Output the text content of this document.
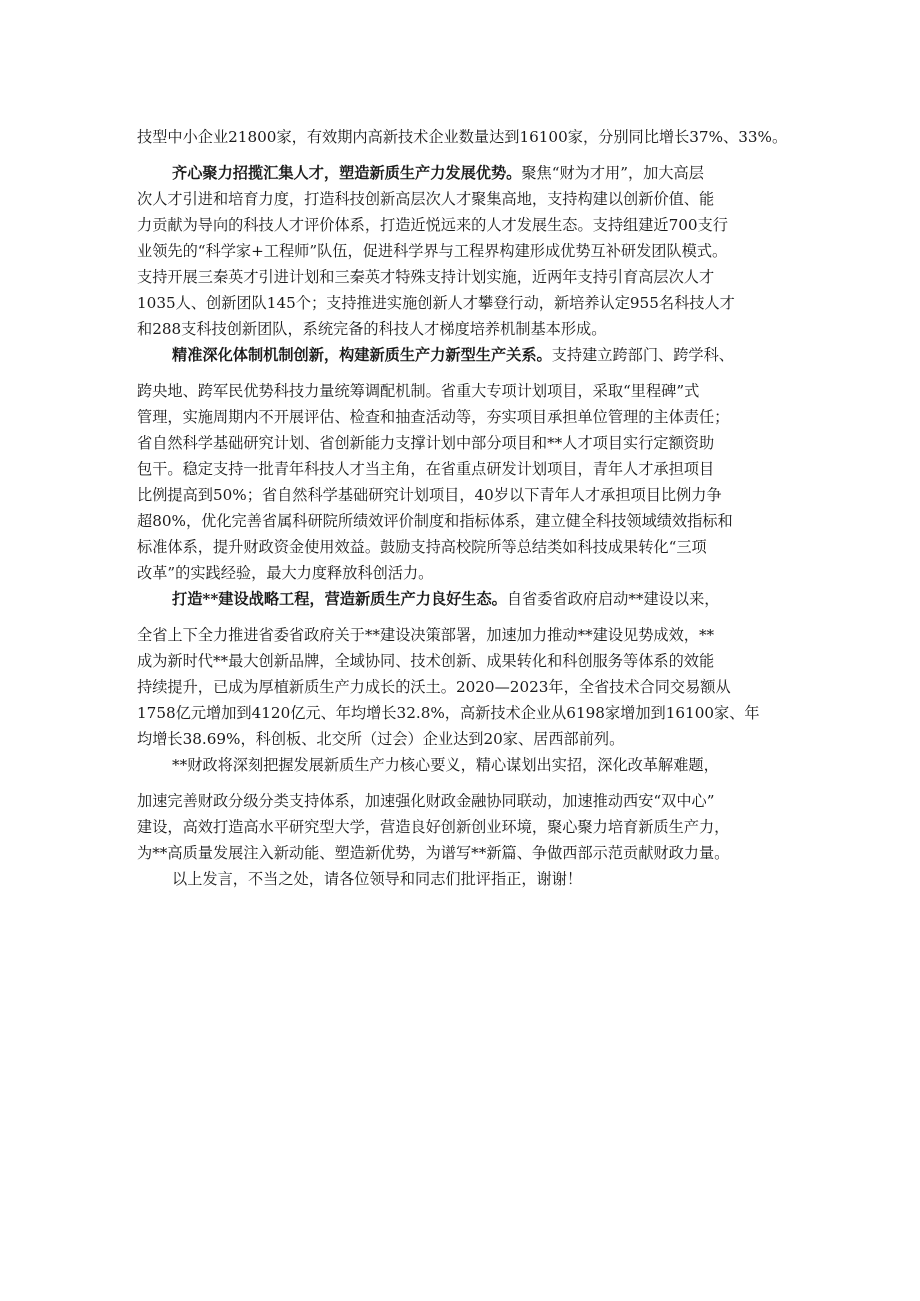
技型中小企业21800家，有效期内高新技术企业数量达到16100家，分别同比增长37%、33%。
齐心聚力招揽汇集人才，塑造新质生产力发展优势。聚焦“财为才用”，加大高层
次人才引进和培育力度，打造科技创新高层次人才聚集高地，支持构建以创新价值、能
力贡献为导向的科技人才评价体系，打造近悦远来的人才发展生态。支持组建近700支行
业领先的“科学家+工程师”队伍，促进科学界与工程界构建形成优势互补研发团队模式。
支持开展三秦英才引进计划和三秦英才特殊支持计划实施，近两年支持引育高层次人才
1035人、创新团队145个；支持推进实施创新人才攀登行动，新培养认定955名科技人才
和288支科技创新团队，系统完备的科技人才梯度培养机制基本形成。
精准深化体制机制创新，构建新质生产力新型生产关系。支持建立跨部门、跨学科、
跨央地、跨军民优势科技力量统筹调配机制。省重大专项计划项目，采取“里程碑”式
管理，实施周期内不开展评估、检查和抽查活动等，夯实项目承担单位管理的主体责任；
省自然科学基础研究计划、省创新能力支撑计划中部分项目和**人才项目实行定额资助
包干。稳定支持一批青年科技人才当主角，在省重点研发计划项目，青年人才承担项目
比例提高到50%；省自然科学基础研究计划项目，40岁以下青年人才承担项目比例力争
超80%，优化完善省属科研院所绩效评价制度和指标体系，建立健全科技领域绩效指标和
标准体系，提升财政资金使用效益。鼓励支持高校院所等总结类如科技成果转化“三项
改革”的实践经验，最大力度释放科创活力。
打造**建设战略工程，营造新质生产力良好生态。自省委省政府启动**建设以来，
全省上下全力推进省委省政府关于**建设决策部署，加速加力推动**建设见势成效，**
成为新时代**最大创新品牌，全域协同、技术创新、成果转化和科创服务等体系的效能
持续提升，已成为厚植新质生产力成长的沃土。2020—2023年，全省技术合同交易额从
1758亿元增加到4120亿元、年均增长32.8%，高新技术企业从6198家增加到16100家、年
均增长38.69%，科创板、北交所（过会）企业达到20家、居西部前列。
**财政将深刻把握发展新质生产力核心要义，精心谋划出实招，深化改革解难题，
加速完善财政分级分类支持体系，加速强化财政金融协同联动，加速推动西安“双中心”
建设，高效打造高水平研究型大学，营造良好创新创业环境，聚心聚力培育新质生产力，
为**高质量发展注入新动能、塑造新优势，为谱写**新篇、争做西部示范贡献财政力量。
以上发言，不当之处，请各位领导和同志们批评指正，谢谢！
